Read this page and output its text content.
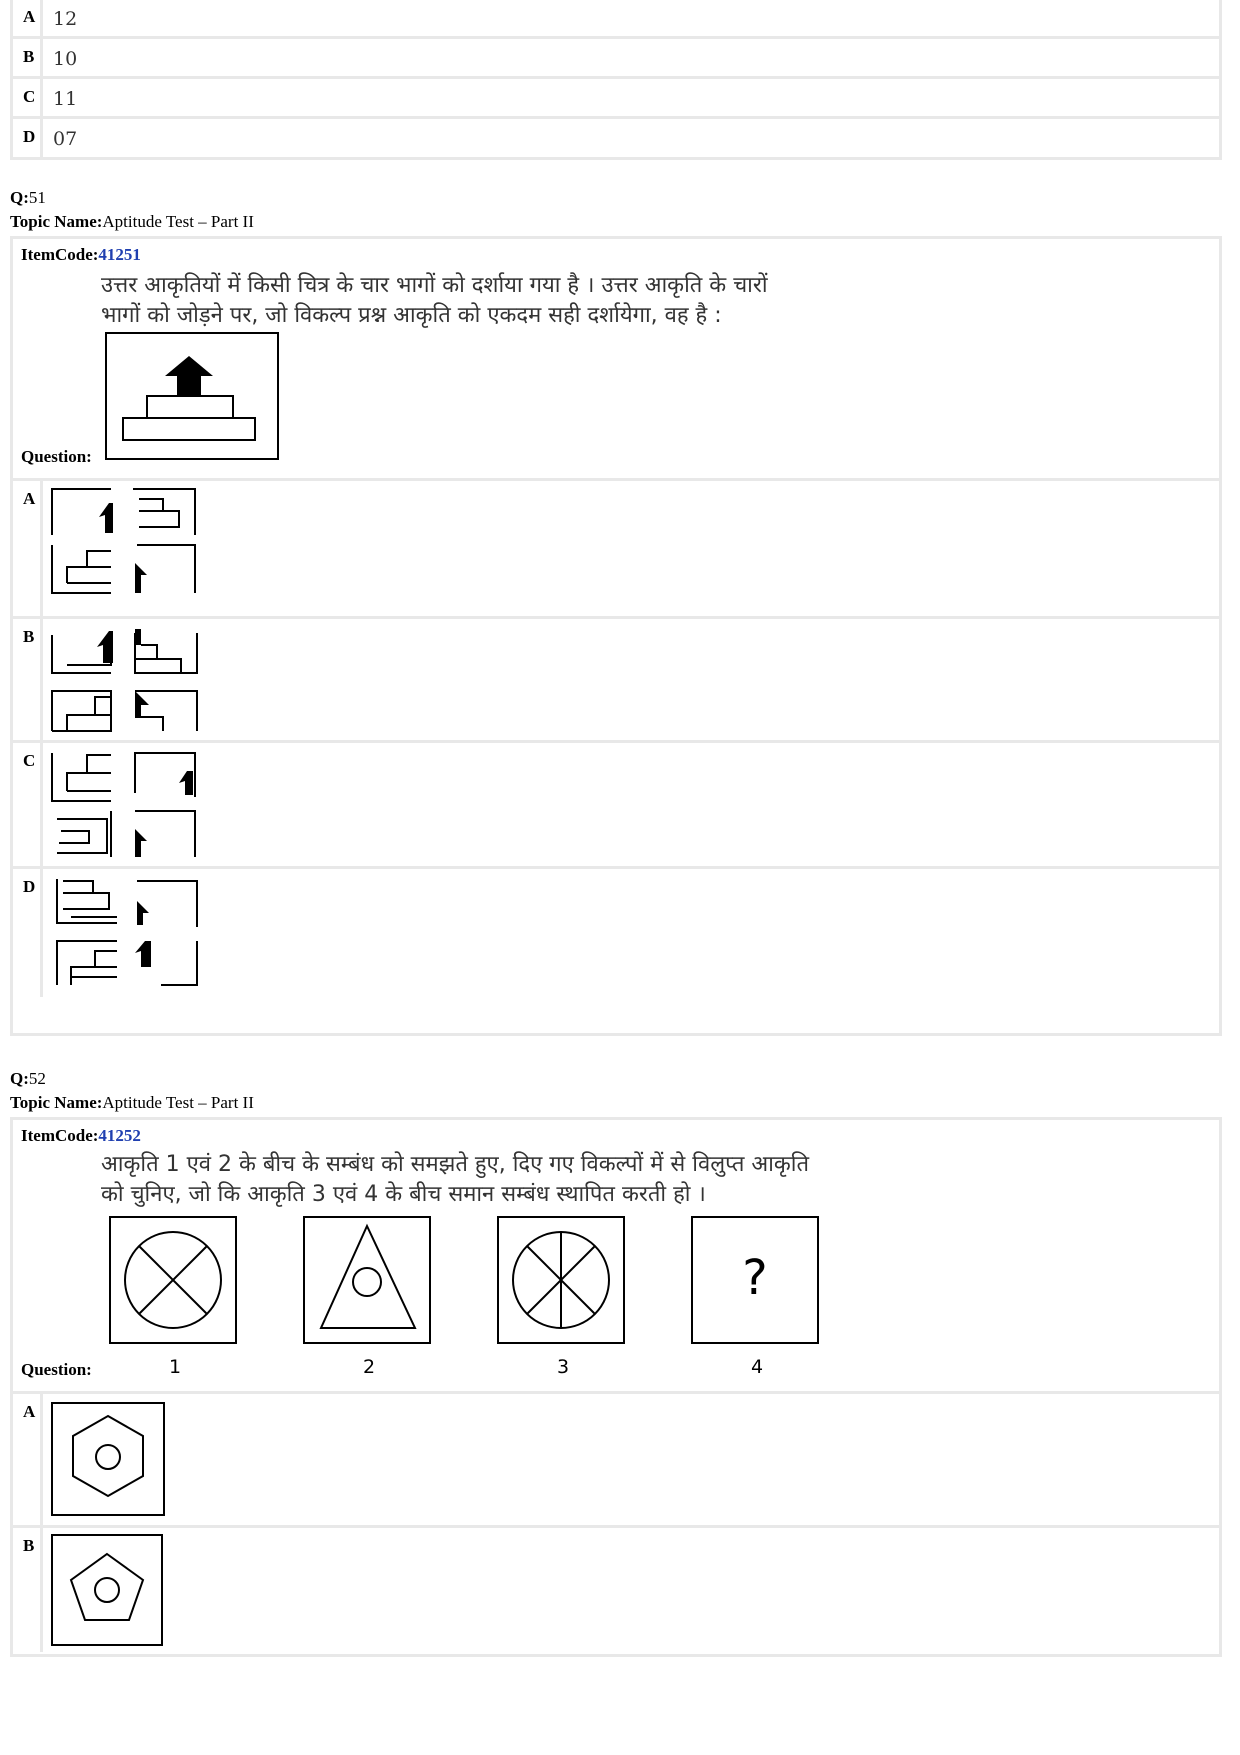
A 12
B 10
C 11
D 07
Q:51
Topic Name:Aptitude Test – Part II
ItemCode:41251
उत्तर आकृतियों में किसी चित्र के चार भागों को दर्शाया गया है । उत्तर आकृति के चारों
भागों को जोड़ने पर, जो विकल्प प्रश्न आकृति को एकदम सही दर्शायेगा, वह है :
Question:
A
B
C
D
Q:52
Topic Name:Aptitude Test – Part II
ItemCode:41252
आकृति 1 एवं 2 के बीच के सम्बंध को समझते हुए, दिए गए विकल्पों में से विलुप्त आकृति
को चुनिए, जो कि आकृति 3 एवं 4 के बीच समान सम्बंध स्थापित करती हो ।
Question:
?
1	2	3	4
A
B
